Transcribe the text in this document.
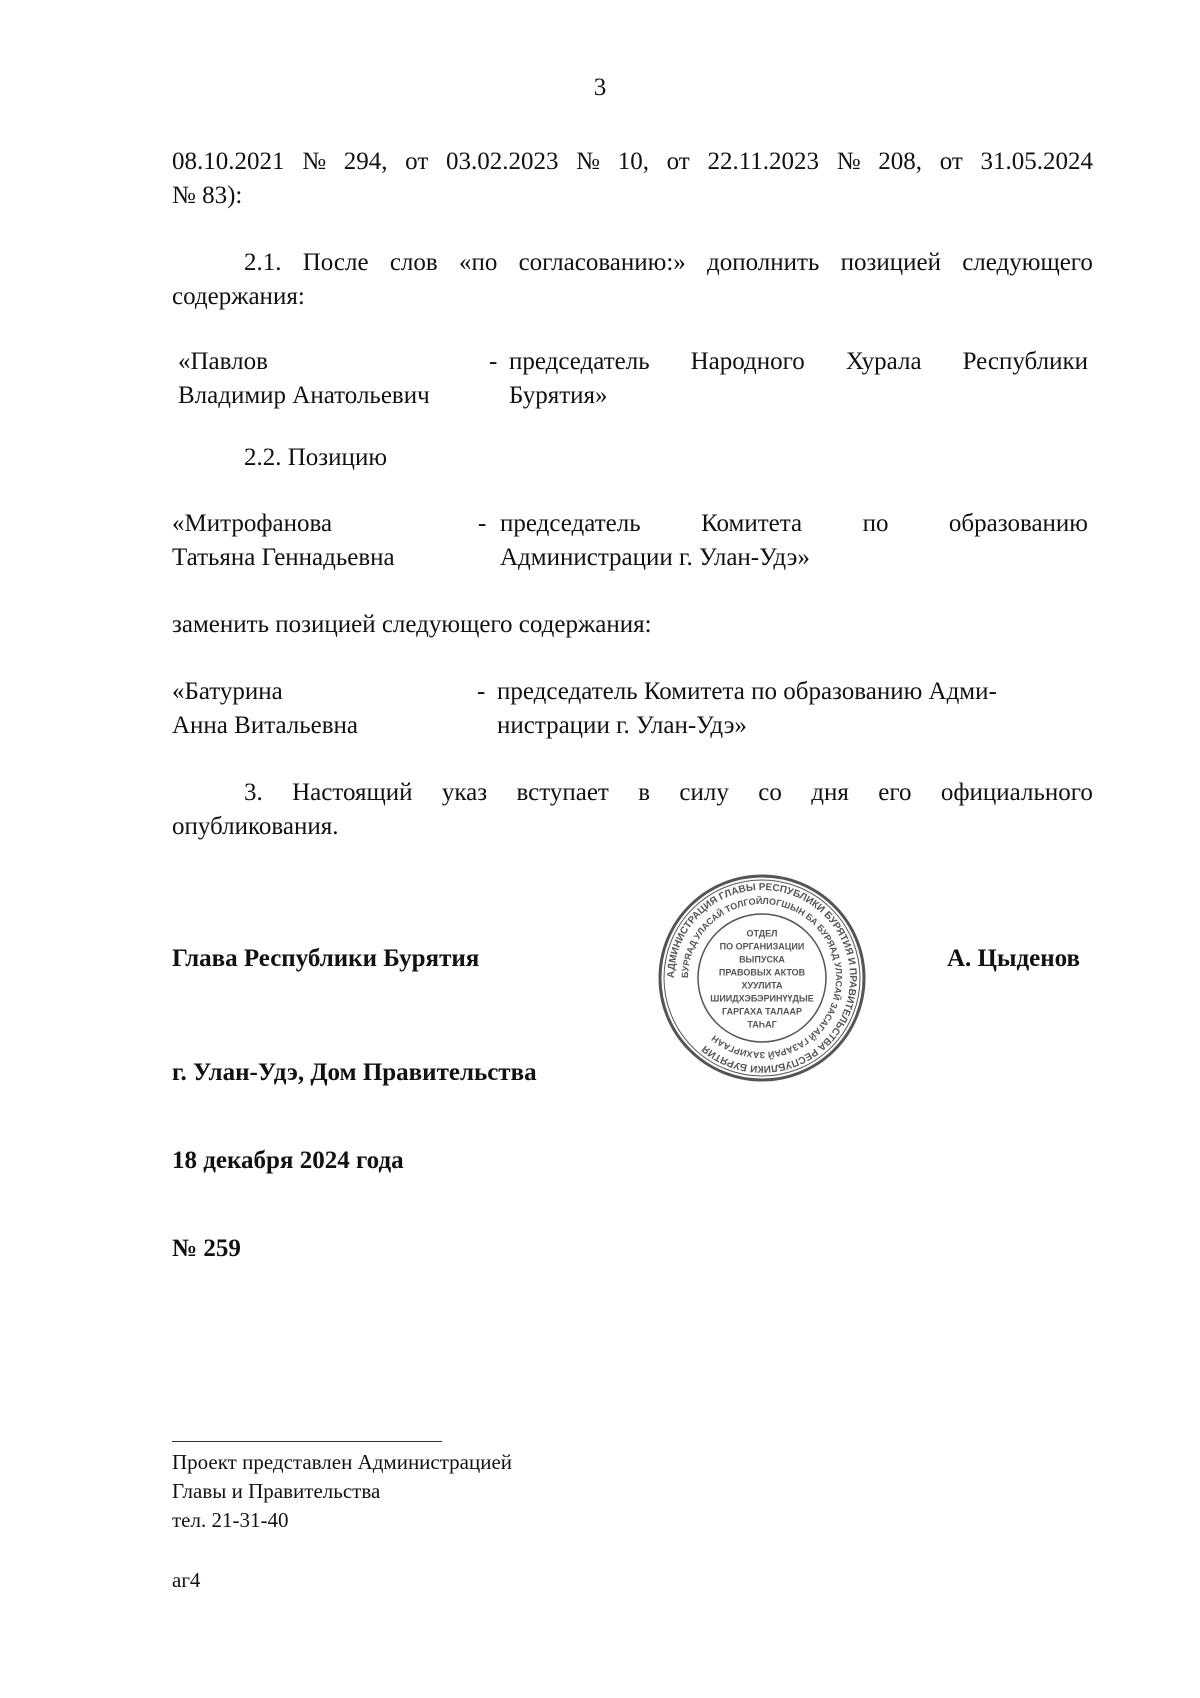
3
08.10.2021 № 294, от 03.02.2023 № 10, от 22.11.2023 № 208, от 31.05.2024
№ 83):
2.1. После слов «по согласованию:» дополнить позицией следующего
содержания:
«Павлов
Владимир Анатольевич
- председатель Народного Хурала Республики
Бурятия»
2.2. Позицию
«Митрофанова
Татьяна Геннадьевна
- председатель Комитета по образованию
Администрации г. Улан-Удэ»
заменить позицией следующего содержания:
«Батурина
Анна Витальевна
- председатель Комитета по образованию Адми-
нистрации г. Улан-Удэ»
3. Настоящий указ вступает в силу со дня его официального
опубликования.
Глава Республики Бурятия	А. Цыденов
АДМИНИСТРАЦИЯ ГЛАВЫ РЕСПУБЛИКИ БУРЯТИЯ И ПРАВИТЕЛЬСТВА РЕСПУБЛИКИ БУРЯТИЯ
БУРЯАД УЛАСАЙ ТОЛГОЙЛОГШЫН БА БУРЯАД УЛАСАЙ ЗАСАГАЙ ГАЗАРАЙ ЗАХИРГААН
ОТДЕЛ
ПО ОРГАНИЗАЦИИ
ВЫПУСКА
ПРАВОВЫХ АКТОВ
ХУУЛИТА
ШИИДХЭБЭРИНҮҮДЫЕ
ГАРГАХА ТАЛААР
ТАҺАГ
г. Улан-Удэ, Дом Правительства
18 декабря 2024 года
№ 259
Проект представлен Администрацией
Главы и Правительства
тел. 21-31-40
аг4
